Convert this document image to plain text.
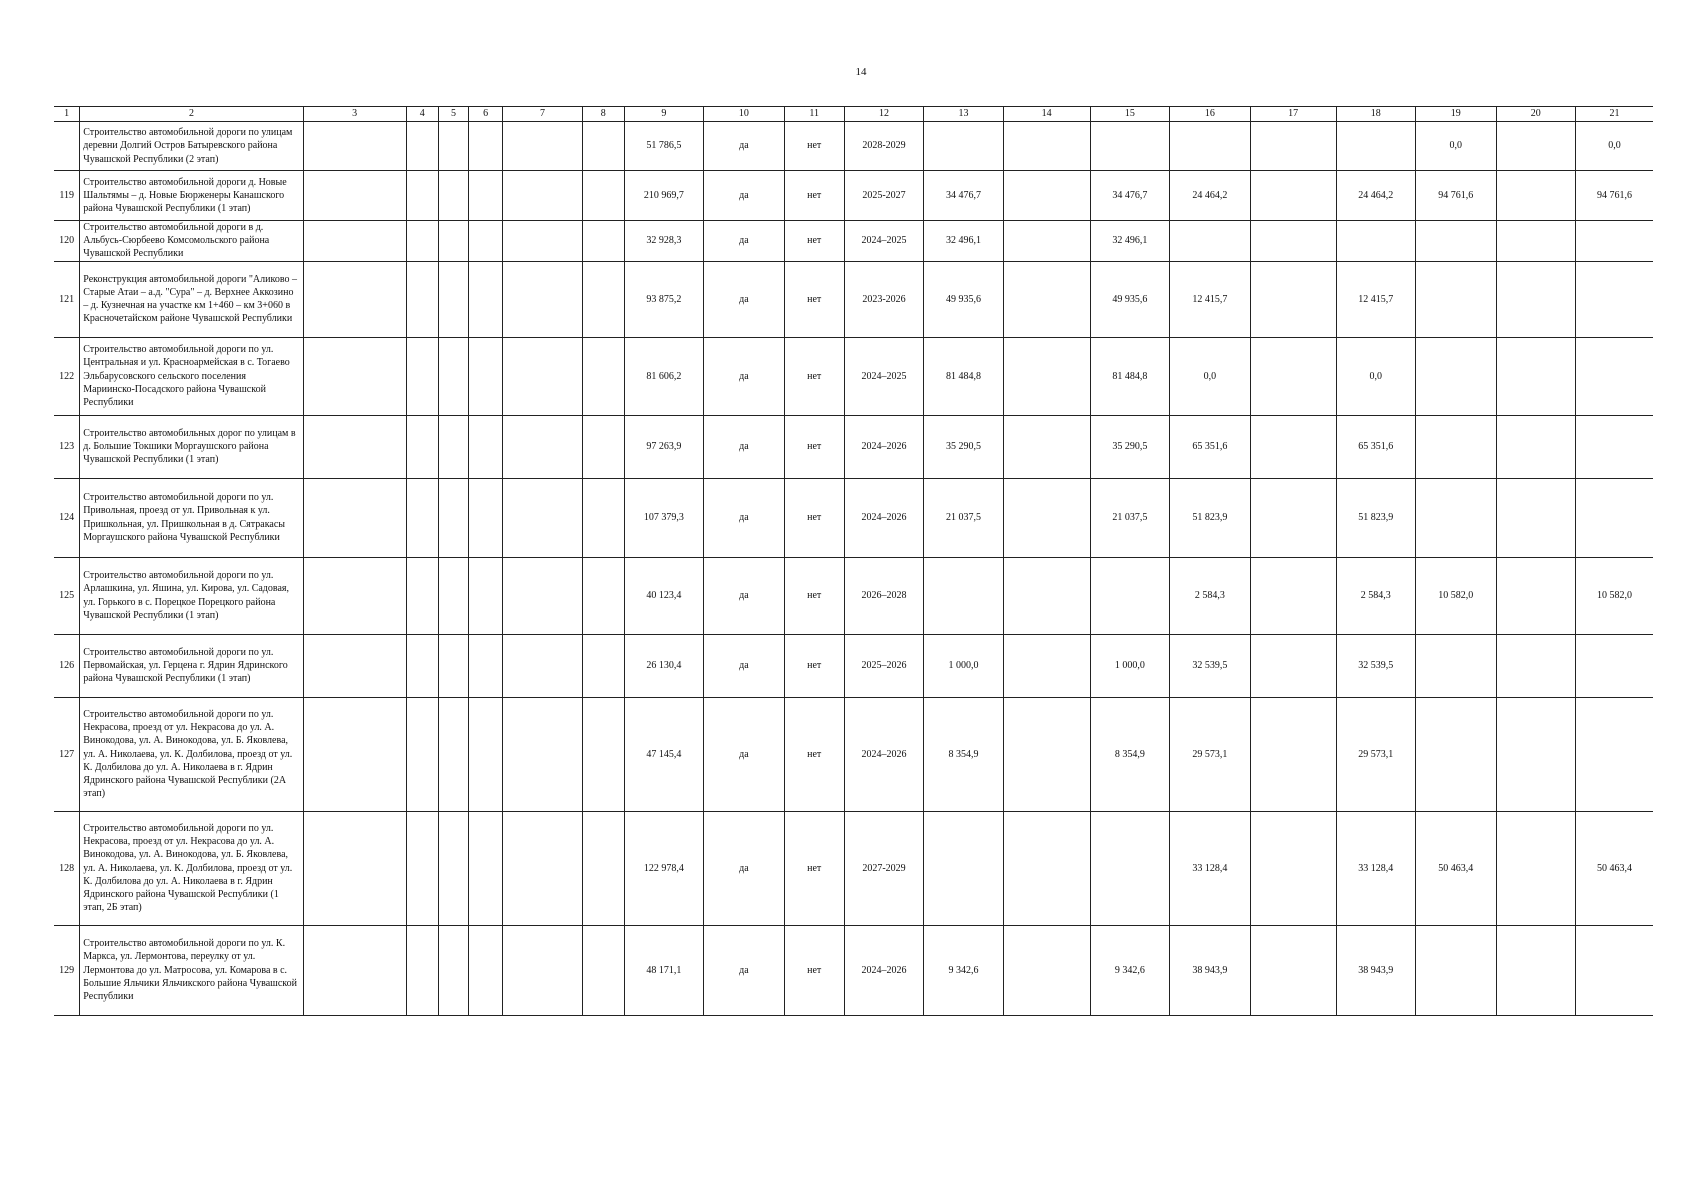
14
1	2	3	4	5	6	7	8	9	10	11	12	13	14	15	16	17	18	19	20	21
	Строительство автомобильной дороги по улицам деревни Долгий Остров Батыревского района Чувашской Республики (2 этап)							51 786,5	да	нет	2028-2029							0,0		0,0
119	Строительство автомобильной дороги д. Новые Шальтямы – д. Новые Бюрженеры Канашского района Чувашской Республики (1 этап)							210 969,7	да	нет	2025-2027	34 476,7		34 476,7	24 464,2		24 464,2	94 761,6		94 761,6
120	Строительство автомобильной дороги в д. Альбусь-Сюрбеево Комсомольского района Чувашской Республики							32 928,3	да	нет	2024–2025	32 496,1		32 496,1						
121	Реконструкция автомобильной дороги "Аликово – Старые Атаи – а.д. "Сура" – д. Верхнее Аккозино – д. Кузнечная на участке км 1+460 – км 3+060 в Красночетайском районе Чувашской Республики							93 875,2	да	нет	2023-2026	49 935,6		49 935,6	12 415,7		12 415,7			
122	Строительство автомобильной дороги по ул. Центральная и ул. Красноармейская в с. Тогаево Эльбарусовского сельского поселения Мариинско-Посадского района Чувашской Республики							81 606,2	да	нет	2024–2025	81 484,8		81 484,8	0,0		0,0			
123	Строительство автомобильных дорог по улицам в д. Большие Токшики Моргаушского района Чувашской Республики (1 этап)							97 263,9	да	нет	2024–2026	35 290,5		35 290,5	65 351,6		65 351,6			
124	Строительство автомобильной дороги по ул. Привольная, проезд от ул. Привольная к ул. Пришкольная, ул. Пришкольная в д. Сятракасы Моргаушского района Чувашской Республики							107 379,3	да	нет	2024–2026	21 037,5		21 037,5	51 823,9		51 823,9			
125	Строительство автомобильной дороги по ул. Арлашкина, ул. Яшина, ул. Кирова, ул. Садовая, ул. Горького в с. Порецкое Порецкого района Чувашской Республики (1 этап)							40 123,4	да	нет	2026–2028				2 584,3		2 584,3	10 582,0		10 582,0
126	Строительство автомобильной дороги по ул. Первомайская, ул. Герцена г. Ядрин Ядринского района Чувашской Республики (1 этап)							26 130,4	да	нет	2025–2026	1 000,0		1 000,0	32 539,5		32 539,5			
127	Строительство автомобильной дороги по ул. Некрасова, проезд от ул. Некрасова до ул. А. Винокодова, ул. А. Винокодова, ул. Б. Яковлева, ул. А. Николаева, ул. К. Долбилова, проезд от ул. К. Долбилова до ул. А. Николаева в г. Ядрин Ядринского района Чувашской Республики (2А этап)							47 145,4	да	нет	2024–2026	8 354,9		8 354,9	29 573,1		29 573,1			
128	Строительство автомобильной дороги по ул. Некрасова, проезд от ул. Некрасова до ул. А. Винокодова, ул. А. Винокодова, ул. Б. Яковлева, ул. А. Николаева, ул. К. Долбилова, проезд от ул. К. Долбилова до ул. А. Николаева в г. Ядрин Ядринского района Чувашской Республики (1 этап, 2Б этап)							122 978,4	да	нет	2027-2029				33 128,4		33 128,4	50 463,4		50 463,4
129	Строительство автомобильной дороги по ул. К. Маркса, ул. Лермонтова, переулку от ул. Лермонтова до ул. Матросова, ул. Комарова в с. Большие Яльчики Яльчикского района Чувашской Республики							48 171,1	да	нет	2024–2026	9 342,6		9 342,6	38 943,9		38 943,9			
